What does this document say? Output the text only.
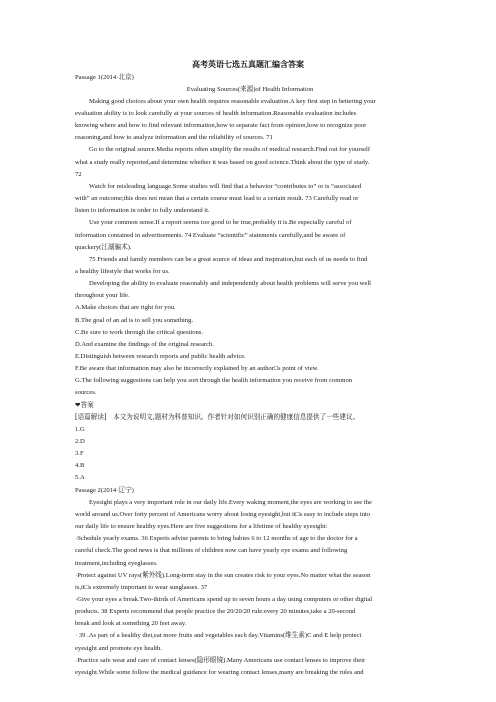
高考英语七选五真题汇编含答案
Passage 1(2014·北京)
Evaluating Sources(来源)of Health Information
Making good choices about your own health requires reasonable evaluation.A key first step in bettering your
evaluation ability is to look carefully at your sources of health information.Reasonable evaluation includes
knowing where and how to find relevant information,how to separate fact from opinion,how to recognize poor
reasoning,and how to analyze information and the reliability of sources. 71
Go to the original source.Media reports often simplify the results of medical research.Find out for yourself
what a study really reported,and determine whether it was based on good science.Think about the type of study.
72
Watch for misleading language.Some studies will find that a behavior “contributes to” or is “associated
with” an outcome;this does not mean that a certain course must lead to a certain result. 73 Carefully read or
listen to information in order to fully understand it.
Use your common sense.If a report seems too good to be true,probably it is.Be especially careful of
information contained in advertisements. 74 Evaluate “scientific” statements carefully,and be aware of
quackery(江湖骗术).
75 Friends and family members can be a great source of ideas and inspiration,but each of us needs to find
a healthy lifestyle that works for us.
Developing the ability to evaluate reasonably and independently about health problems will serve you well
throughout your life.
A.Make choices that are right for you.
B.The goal of an ad is to sell you something.
C.Be sure to work through the critical questions.
D.And examine the findings of the original research.
E.Distinguish between research reports and public health advice.
F.Be aware that information may also be incorrectly explained by an author□s point of view.
G.The following suggestions can help you sort through the health information you receive from common
sources.
❤答案
[语篇解读]　本文为说明文,题材为科普知识。作者针对如何识别正确的健康信息提供了一些建议。
1.G
2.D
3.F
4.B
5.A
Passage 2(2014·辽宁)
Eyesight plays a very important role in our daily life.Every waking moment,the eyes are working to see the
world around us.Over forty percent of Americans worry about losing eyesight,but it□s easy to include steps into
our daily life to ensure healthy eyes.Here are five suggestions for a lifetime of healthy eyesight:
·Schedule yearly exams. 36 Experts advise parents to bring babies 6 to 12 months of age to the doctor for a
careful check.The good news is that millions of children now can have yearly eye exams and following
treatment,including eyeglasses.
·Protect against UV rays(紫外线).Long-term stay in the sun creates risk to your eyes.No matter what the season
is,it□s extremely important to wear sunglasses. 37
·Give your eyes a break.Two-thirds of Americans spend up to seven hours a day using computers or other digital
products. 38 Experts recommend that people practice the 20/20/20 rule:every 20 minutes,take a 20-second
break and look at something 20 feet away.
· 39 .As part of a healthy diet,eat more fruits and vegetables each day.Vitamins(维生素)C and E help protect
eyesight and promote eye health.
·Practice safe wear and care of contact lenses(隐形眼镜).Many Americans use contact lenses to improve their
eyesight.While some follow the medical guidance for wearing contact lenses,many are breaking the rules and
